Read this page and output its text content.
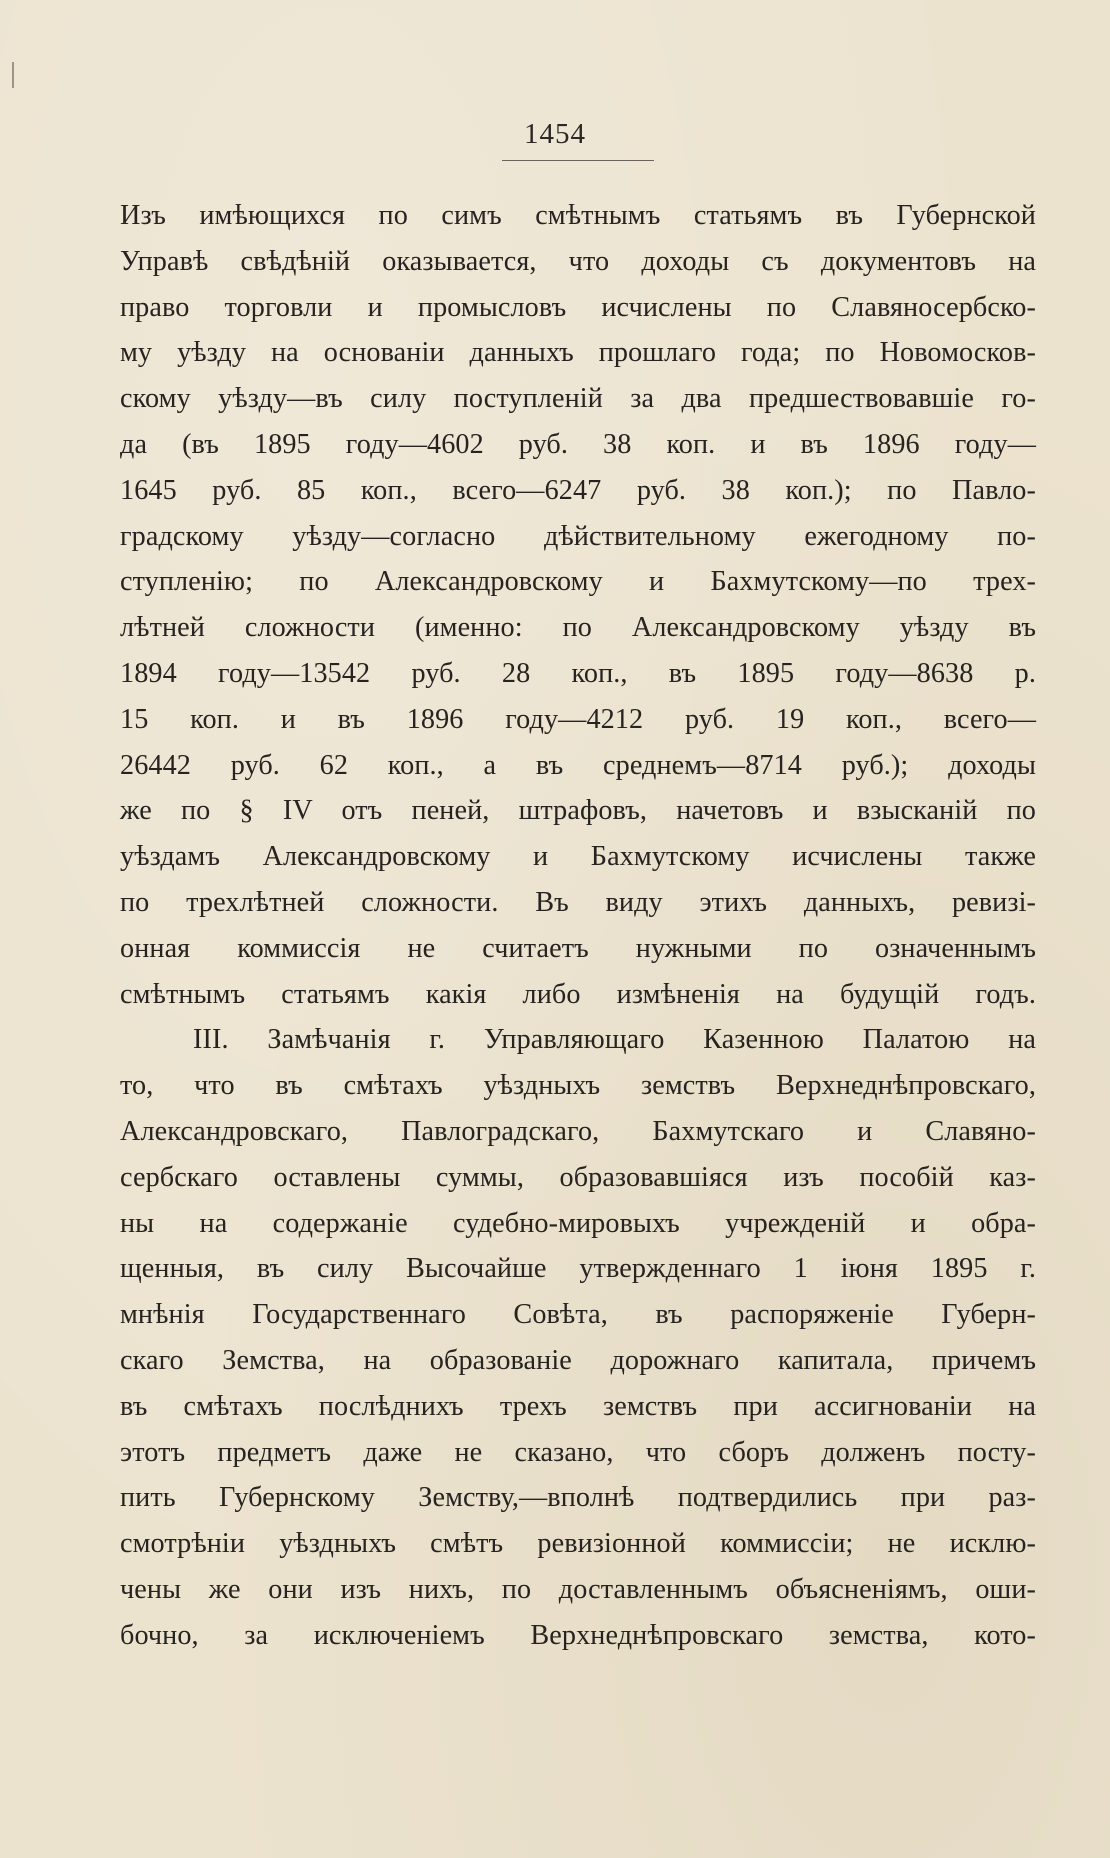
1454
Изъ имѣющихся по симъ смѣтнымъ статьямъ въ Губернской
Управѣ свѣдѣній оказывается, что доходы съ документовъ на
право торговли и промысловъ исчислены по Славяносербско-
му уѣзду на основаніи данныхъ прошлаго года; по Новомосков-
скому уѣзду—въ силу поступленій за два предшествовавшіе го-
да (въ 1895 году—4602 руб. 38 коп. и въ 1896 году—
1645 руб. 85 коп., всего—6247 руб. 38 коп.); по Павло-
градскому уѣзду—согласно дѣйствительному ежегодному по-
ступленію; по Александровскому и Бахмутскому—по трех-
лѣтней сложности (именно: по Александровскому уѣзду въ
1894 году—13542 руб. 28 коп., въ 1895 году—8638 р.
15 коп. и въ 1896 году—4212 руб. 19 коп., всего—
26442 руб. 62 коп., а въ среднемъ—8714 руб.); доходы
же по § IV отъ пеней, штрафовъ, начетовъ и взысканій по
уѣздамъ Александровскому и Бахмутскому исчислены также
по трехлѣтней сложности. Въ виду этихъ данныхъ, ревизі-
онная коммиссія не считаетъ нужными по означеннымъ
смѣтнымъ статьямъ какія либо измѣненія на будущій годъ.
III. Замѣчанія г. Управляющаго Казенною Палатою на
то, что въ смѣтахъ уѣздныхъ земствъ Верхнеднѣпровскаго,
Александровскаго, Павлоградскаго, Бахмутскаго и Славяно-
сербскаго оставлены суммы, образовавшіяся изъ пособій каз-
ны на содержаніе судебно-мировыхъ учрежденій и обра-
щенныя, въ силу Высочайше утвержденнаго 1 іюня 1895 г.
мнѣнія Государственнаго Совѣта, въ распоряженіе Губерн-
скаго Земства, на образованіе дорожнаго капитала, причемъ
въ смѣтахъ послѣднихъ трехъ земствъ при ассигнованіи на
этотъ предметъ даже не сказано, что сборъ долженъ посту-
пить Губернскому Земству,—вполнѣ подтвердились при раз-
смотрѣніи уѣздныхъ смѣтъ ревизіонной коммиссіи; не исклю-
чены же они изъ нихъ, по доставленнымъ объясненіямъ, оши-
бочно, за исключеніемъ Верхнеднѣпровскаго земства, кото-
